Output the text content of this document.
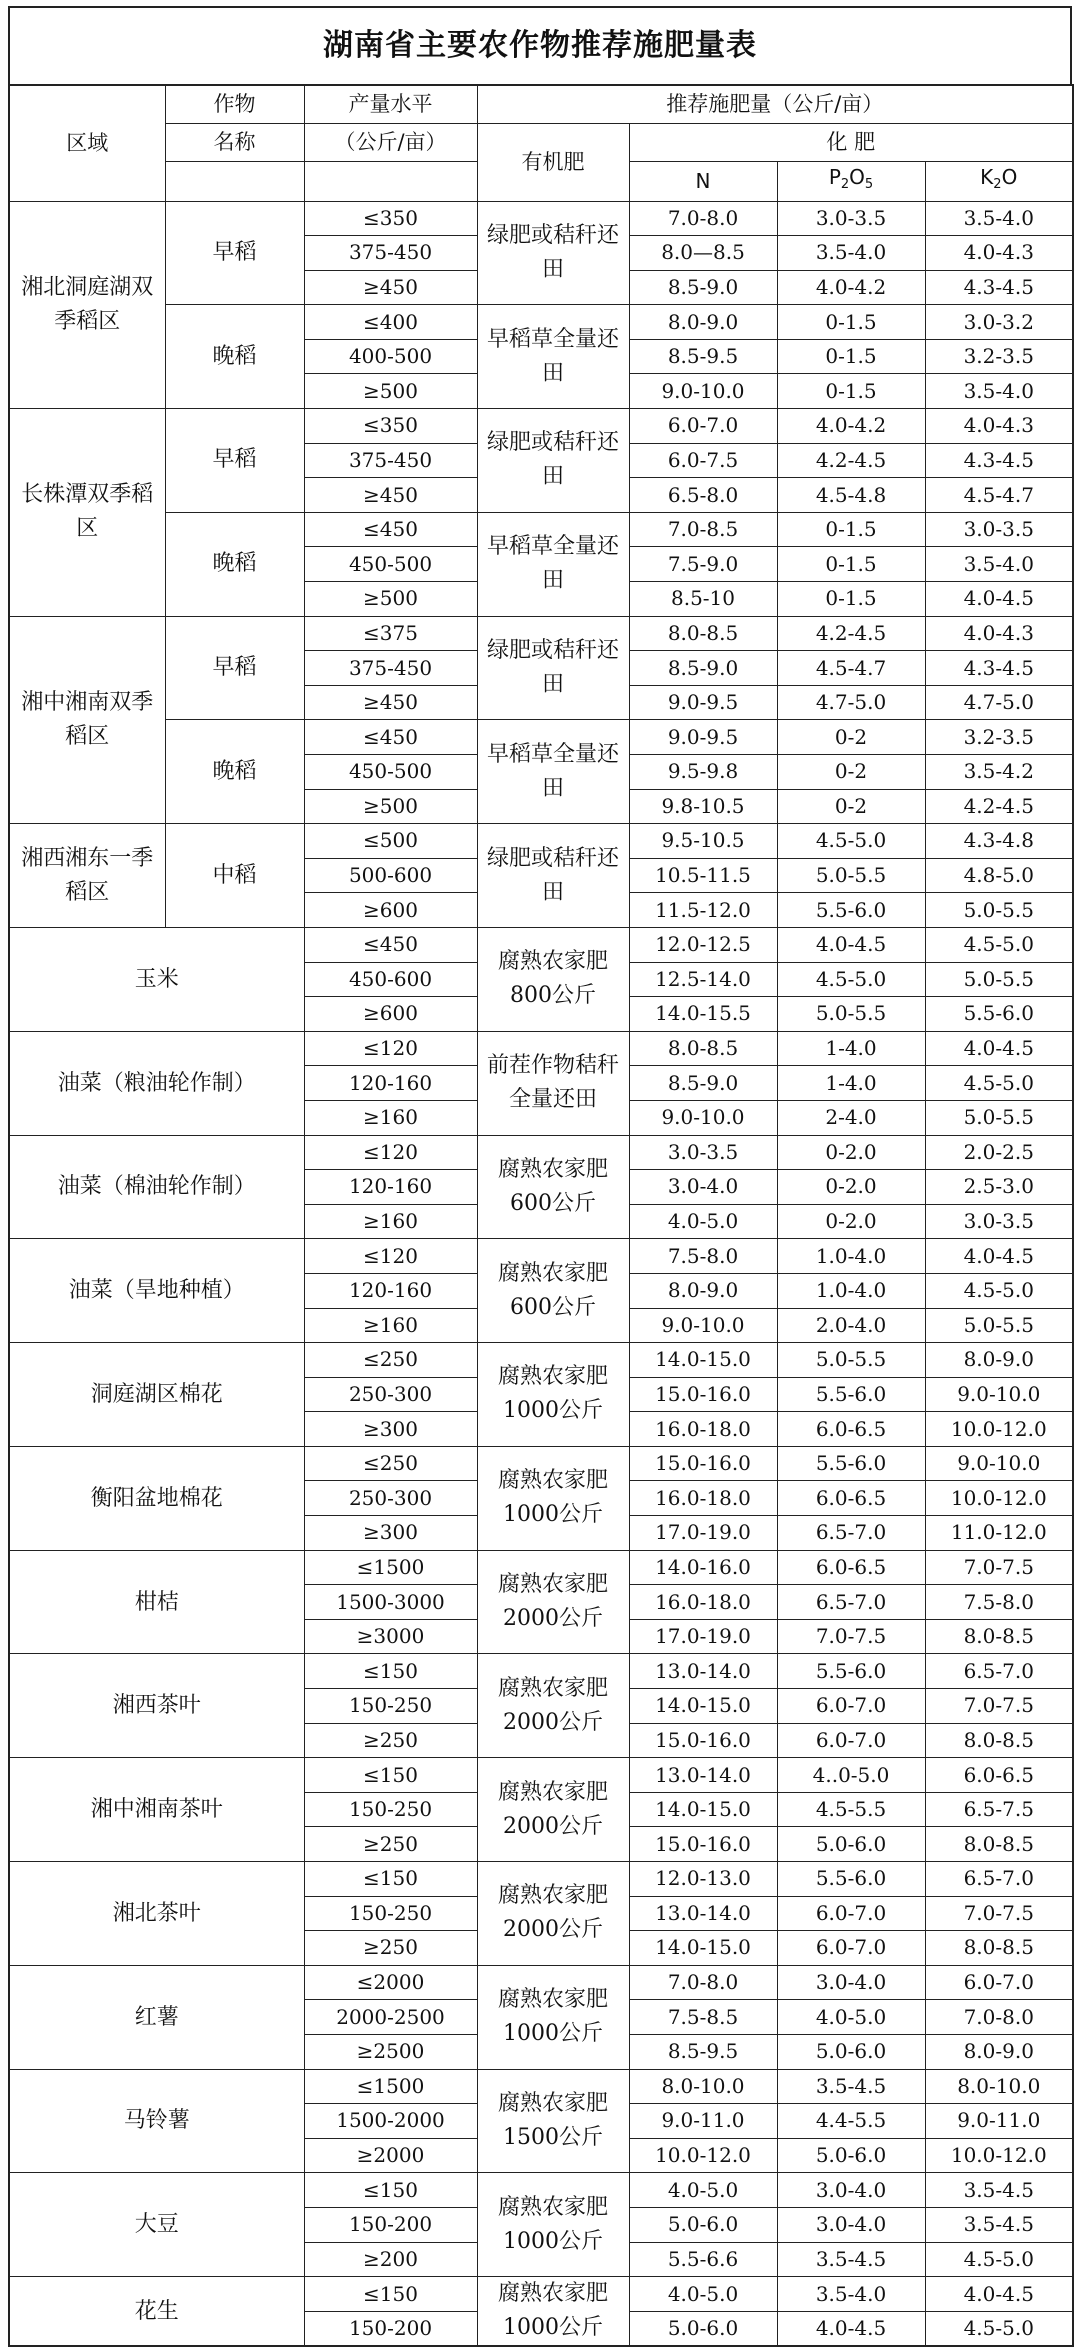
湖南省主要农作物推荐施肥量表
区域	作物	产量水平	推荐施肥量（公斤/亩）			
	名称	（公斤/亩）	有机肥	化 肥		
				N	$P_2O_5$	$K_2O$
湘北洞庭湖双季稻区	早稻	≤350	绿肥或秸秆还田	7.0-8.0	3.0-3.5	3.5-4.0
		375-450		8.0—8.5	3.5-4.0	4.0-4.3
		≥450		8.5-9.0	4.0-4.2	4.3-4.5
	晚稻	≤400	早稻草全量还田	8.0-9.0	0-1.5	3.0-3.2
		400-500		8.5-9.5	0-1.5	3.2-3.5
		≥500		9.0-10.0	0-1.5	3.5-4.0
长株潭双季稻区	早稻	≤350	绿肥或秸秆还田	6.0-7.0	4.0-4.2	4.0-4.3
		375-450		6.0-7.5	4.2-4.5	4.3-4.5
		≥450		6.5-8.0	4.5-4.8	4.5-4.7
	晚稻	≤450	早稻草全量还田	7.0-8.5	0-1.5	3.0-3.5
		450-500		7.5-9.0	0-1.5	3.5-4.0
		≥500		8.5-10	0-1.5	4.0-4.5
湘中湘南双季稻区	早稻	≤375	绿肥或秸秆还田	8.0-8.5	4.2-4.5	4.0-4.3
		375-450		8.5-9.0	4.5-4.7	4.3-4.5
		≥450		9.0-9.5	4.7-5.0	4.7-5.0
	晚稻	≤450	早稻草全量还田	9.0-9.5	0-2	3.2-3.5
		450-500		9.5-9.8	0-2	3.5-4.2
		≥500		9.8-10.5	0-2	4.2-4.5
湘西湘东一季稻区	中稻	≤500	绿肥或秸秆还田	9.5-10.5	4.5-5.0	4.3-4.8
		500-600		10.5-11.5	5.0-5.5	4.8-5.0
		≥600		11.5-12.0	5.5-6.0	5.0-5.5
玉米		≤450	腐熟农家肥800公斤	12.0-12.5	4.0-4.5	4.5-5.0
		450-600		12.5-14.0	4.5-5.0	5.0-5.5
		≥600		14.0-15.5	5.0-5.5	5.5-6.0
油菜（粮油轮作制）		≤120	前茬作物秸秆全量还田	8.0-8.5	1-4.0	4.0-4.5
		120-160		8.5-9.0	1-4.0	4.5-5.0
		≥160		9.0-10.0	2-4.0	5.0-5.5
油菜（棉油轮作制）		≤120	腐熟农家肥600公斤	3.0-3.5	0-2.0	2.0-2.5
		120-160		3.0-4.0	0-2.0	2.5-3.0
		≥160		4.0-5.0	0-2.0	3.0-3.5
油菜（旱地种植）		≤120	腐熟农家肥600公斤	7.5-8.0	1.0-4.0	4.0-4.5
		120-160		8.0-9.0	1.0-4.0	4.5-5.0
		≥160		9.0-10.0	2.0-4.0	5.0-5.5
洞庭湖区棉花		≤250	腐熟农家肥1000公斤	14.0-15.0	5.0-5.5	8.0-9.0
		250-300		15.0-16.0	5.5-6.0	9.0-10.0
		≥300		16.0-18.0	6.0-6.5	10.0-12.0
衡阳盆地棉花		≤250	腐熟农家肥1000公斤	15.0-16.0	5.5-6.0	9.0-10.0
		250-300		16.0-18.0	6.0-6.5	10.0-12.0
		≥300		17.0-19.0	6.5-7.0	11.0-12.0
柑桔		≤1500	腐熟农家肥2000公斤	14.0-16.0	6.0-6.5	7.0-7.5
		1500-3000		16.0-18.0	6.5-7.0	7.5-8.0
		≥3000		17.0-19.0	7.0-7.5	8.0-8.5
湘西茶叶		≤150	腐熟农家肥2000公斤	13.0-14.0	5.5-6.0	6.5-7.0
		150-250		14.0-15.0	6.0-7.0	7.0-7.5
		≥250		15.0-16.0	6.0-7.0	8.0-8.5
湘中湘南茶叶		≤150	腐熟农家肥2000公斤	13.0-14.0	4..0-5.0	6.0-6.5
		150-250		14.0-15.0	4.5-5.5	6.5-7.5
		≥250		15.0-16.0	5.0-6.0	8.0-8.5
湘北茶叶		≤150	腐熟农家肥2000公斤	12.0-13.0	5.5-6.0	6.5-7.0
		150-250		13.0-14.0	6.0-7.0	7.0-7.5
		≥250		14.0-15.0	6.0-7.0	8.0-8.5
红薯		≤2000	腐熟农家肥1000公斤	7.0-8.0	3.0-4.0	6.0-7.0
		2000-2500		7.5-8.5	4.0-5.0	7.0-8.0
		≥2500		8.5-9.5	5.0-6.0	8.0-9.0
马铃薯		≤1500	腐熟农家肥1500公斤	8.0-10.0	3.5-4.5	8.0-10.0
		1500-2000		9.0-11.0	4.4-5.5	9.0-11.0
		≥2000		10.0-12.0	5.0-6.0	10.0-12.0
大豆		≤150	腐熟农家肥1000公斤	4.0-5.0	3.0-4.0	3.5-4.5
		150-200		5.0-6.0	3.0-4.0	3.5-4.5
		≥200		5.5-6.6	3.5-4.5	4.5-5.0
花生		≤150	腐熟农家肥1000公斤	4.0-5.0	3.5-4.0	4.0-4.5
		150-200		5.0-6.0	4.0-4.5	4.5-5.0
